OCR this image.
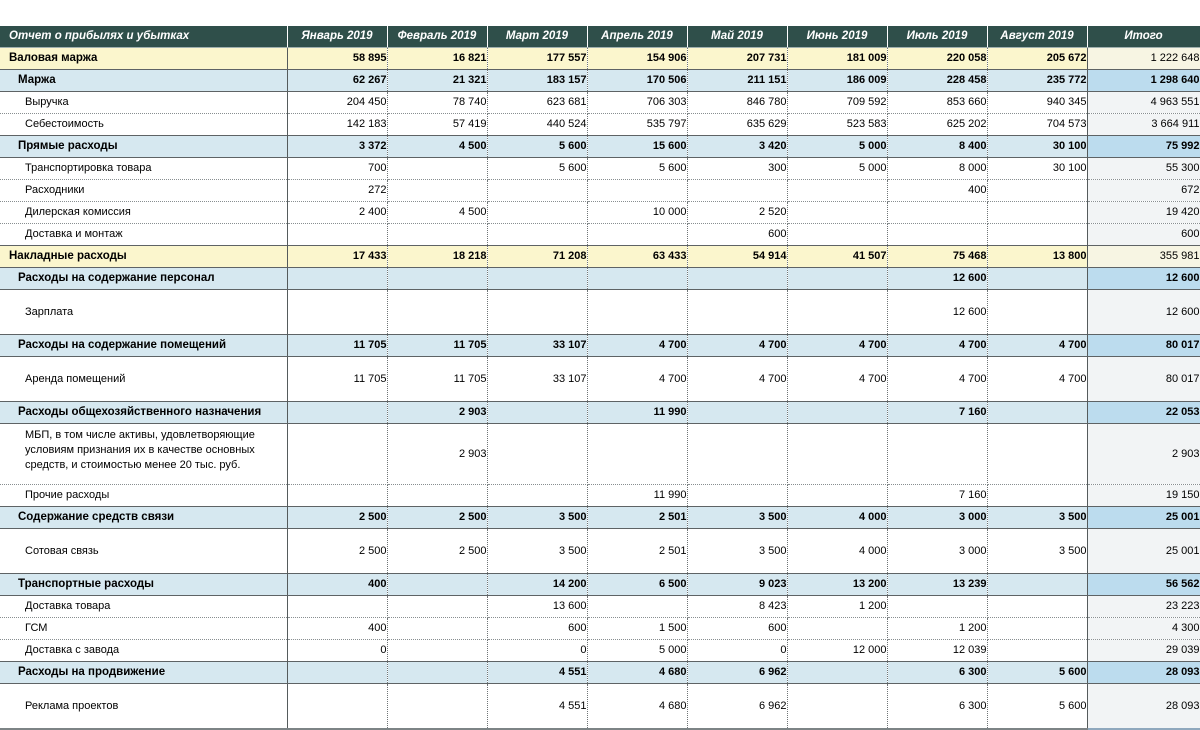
Отчет о прибылях и убытках	Январь 2019	Февраль 2019	Март 2019	Апрель 2019	Май 2019	Июнь 2019	Июль 2019	Август 2019	Итого
Валовая маржа	58 895	16 821	177 557	154 906	207 731	181 009	220 058	205 672	1 222 648
Маржа	62 267	21 321	183 157	170 506	211 151	186 009	228 458	235 772	1 298 640
Выручка	204 450	78 740	623 681	706 303	846 780	709 592	853 660	940 345	4 963 551
Себестоимость	142 183	57 419	440 524	535 797	635 629	523 583	625 202	704 573	3 664 911
Прямые расходы	3 372	4 500	5 600	15 600	3 420	5 000	8 400	30 100	75 992
Транспортировка товара	700		5 600	5 600	300	5 000	8 000	30 100	55 300
Расходники	272						400		672
Дилерская комиссия	2 400	4 500		10 000	2 520				19 420
Доставка и монтаж					600				600
Накладные расходы	17 433	18 218	71 208	63 433	54 914	41 507	75 468	13 800	355 981
Расходы на содержание персонал							12 600		12 600
Зарплата							12 600		12 600
Расходы на содержание помещений	11 705	11 705	33 107	4 700	4 700	4 700	4 700	4 700	80 017
Аренда помещений	11 705	11 705	33 107	4 700	4 700	4 700	4 700	4 700	80 017
Расходы общехозяйственного назначения		2 903		11 990			7 160		22 053
МБП, в том числе активы, удовлетворяющие условиям признания их в качестве основных средств, и стоимостью менее 20 тыс. руб.		2 903							2 903
Прочие расходы				11 990			7 160		19 150
Содержание средств связи	2 500	2 500	3 500	2 501	3 500	4 000	3 000	3 500	25 001
Сотовая связь	2 500	2 500	3 500	2 501	3 500	4 000	3 000	3 500	25 001
Транспортные расходы	400		14 200	6 500	9 023	13 200	13 239		56 562
Доставка товара			13 600		8 423	1 200			23 223
ГСМ	400		600	1 500	600		1 200		4 300
Доставка с завода	0		0	5 000	0	12 000	12 039		29 039
Расходы на продвижение			4 551	4 680	6 962		6 300	5 600	28 093
Реклама проектов			4 551	4 680	6 962		6 300	5 600	28 093
